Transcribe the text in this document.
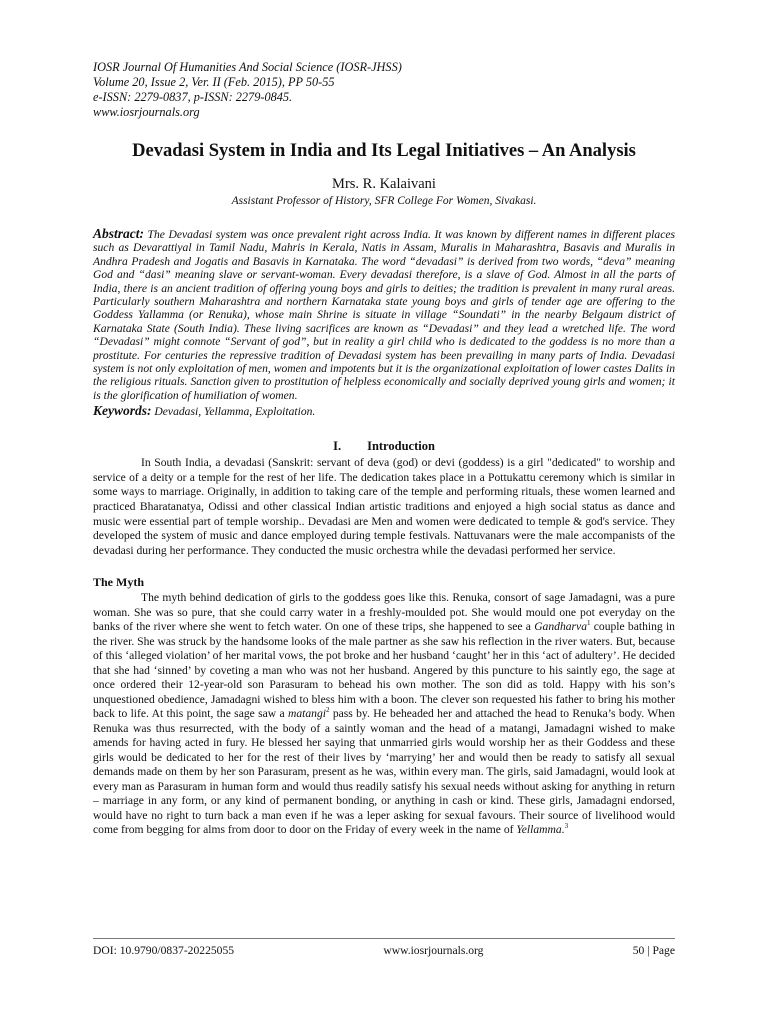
IOSR Journal Of Humanities And Social Science (IOSR-JHSS)
Volume 20, Issue 2, Ver. II (Feb. 2015), PP 50-55
e-ISSN: 2279-0837, p-ISSN: 2279-0845.
www.iosrjournals.org
Devadasi System in India and Its Legal Initiatives – An Analysis
Mrs. R. Kalaivani
Assistant Professor of History, SFR College For Women, Sivakasi.
Abstract: The Devadasi system was once prevalent right across India. It was known by different names in different places such as Devarattiyal in Tamil Nadu, Mahris in Kerala, Natis in Assam, Muralis in Maharashtra, Basavis and Muralis in Andhra Pradesh and Jogatis and Basavis in Karnataka. The word “devadasi” is derived from two words, “deva” meaning God and “dasi” meaning slave or servant-woman. Every devadasi therefore, is a slave of God. Almost in all the parts of India, there is an ancient tradition of offering young boys and girls to deities; the tradition is prevalent in many rural areas. Particularly southern Maharashtra and northern Karnataka state young boys and girls of tender age are offering to the Goddess Yallamma (or Renuka), whose main Shrine is situate in village “Soundati” in the nearby Belgaum district of Karnataka State (South India). These living sacrifices are known as “Devadasi” and they lead a wretched life. The word “Devadasi” might connote “Servant of god”, but in reality a girl child who is dedicated to the goddess is no more than a prostitute. For centuries the repressive tradition of Devadasi system has been prevailing in many parts of India. Devadasi system is not only exploitation of men, women and impotents but it is the organizational exploitation of lower castes Dalits in the religious rituals. Sanction given to prostitution of helpless economically and socially deprived young girls and women; it is the glorification of humiliation of women.
Keywords: Devadasi, Yellamma, Exploitation.
I. Introduction
In South India, a devadasi (Sanskrit: servant of deva (god) or devi (goddess) is a girl "dedicated" to worship and service of a deity or a temple for the rest of her life. The dedication takes place in a Pottukattu ceremony which is similar in some ways to marriage. Originally, in addition to taking care of the temple and performing rituals, these women learned and practiced Bharatanatya, Odissi and other classical Indian artistic traditions and enjoyed a high social status as dance and music were essential part of temple worship.. Devadasi are Men and women were dedicated to temple & god's service. They developed the system of music and dance employed during temple festivals. Nattuvanars were the male accompanists of the devadasi during her performance. They conducted the music orchestra while the devadasi performed her service.
The Myth
The myth behind dedication of girls to the goddess goes like this. Renuka, consort of sage Jamadagni, was a pure woman. She was so pure, that she could carry water in a freshly-moulded pot. She would mould one pot everyday on the banks of the river where she went to fetch water. On one of these trips, she happened to see a Gandharva$^1$ couple bathing in the river. She was struck by the handsome looks of the male partner as she saw his reflection in the river waters. But, because of this ‘alleged violation’ of her marital vows, the pot broke and her husband ‘caught’ her in this ‘act of adultery’. He decided that she had ‘sinned’ by coveting a man who was not her husband. Angered by this puncture to his saintly ego, the sage at once ordered their 12-year-old son Parasuram to behead his own mother. The son did as told. Happy with his son’s unquestioned obedience, Jamadagni wished to bless him with a boon. The clever son requested his father to bring his mother back to life. At this point, the sage saw a matangi$^2$ pass by. He beheaded her and attached the head to Renuka’s body. When Renuka was thus resurrected, with the body of a saintly woman and the head of a matangi, Jamadagni wished to make amends for having acted in fury. He blessed her saying that unmarried girls would worship her as their Goddess and these girls would be dedicated to her for the rest of their lives by ‘marrying’ her and would then be ready to satisfy all sexual demands made on them by her son Parasuram, present as he was, within every man. The girls, said Jamadagni, would look at every man as Parasuram in human form and would thus readily satisfy his sexual needs without asking for anything in return – marriage in any form, or any kind of permanent bonding, or anything in cash or kind. These girls, Jamadagni endorsed, would have no right to turn back a man even if he was a leper asking for sexual favours. Their source of livelihood would come from begging for alms from door to door on the Friday of every week in the name of Yellamma.$^3$
DOI: 10.9790/0837-20225055	www.iosrjournals.org	50 | Page
